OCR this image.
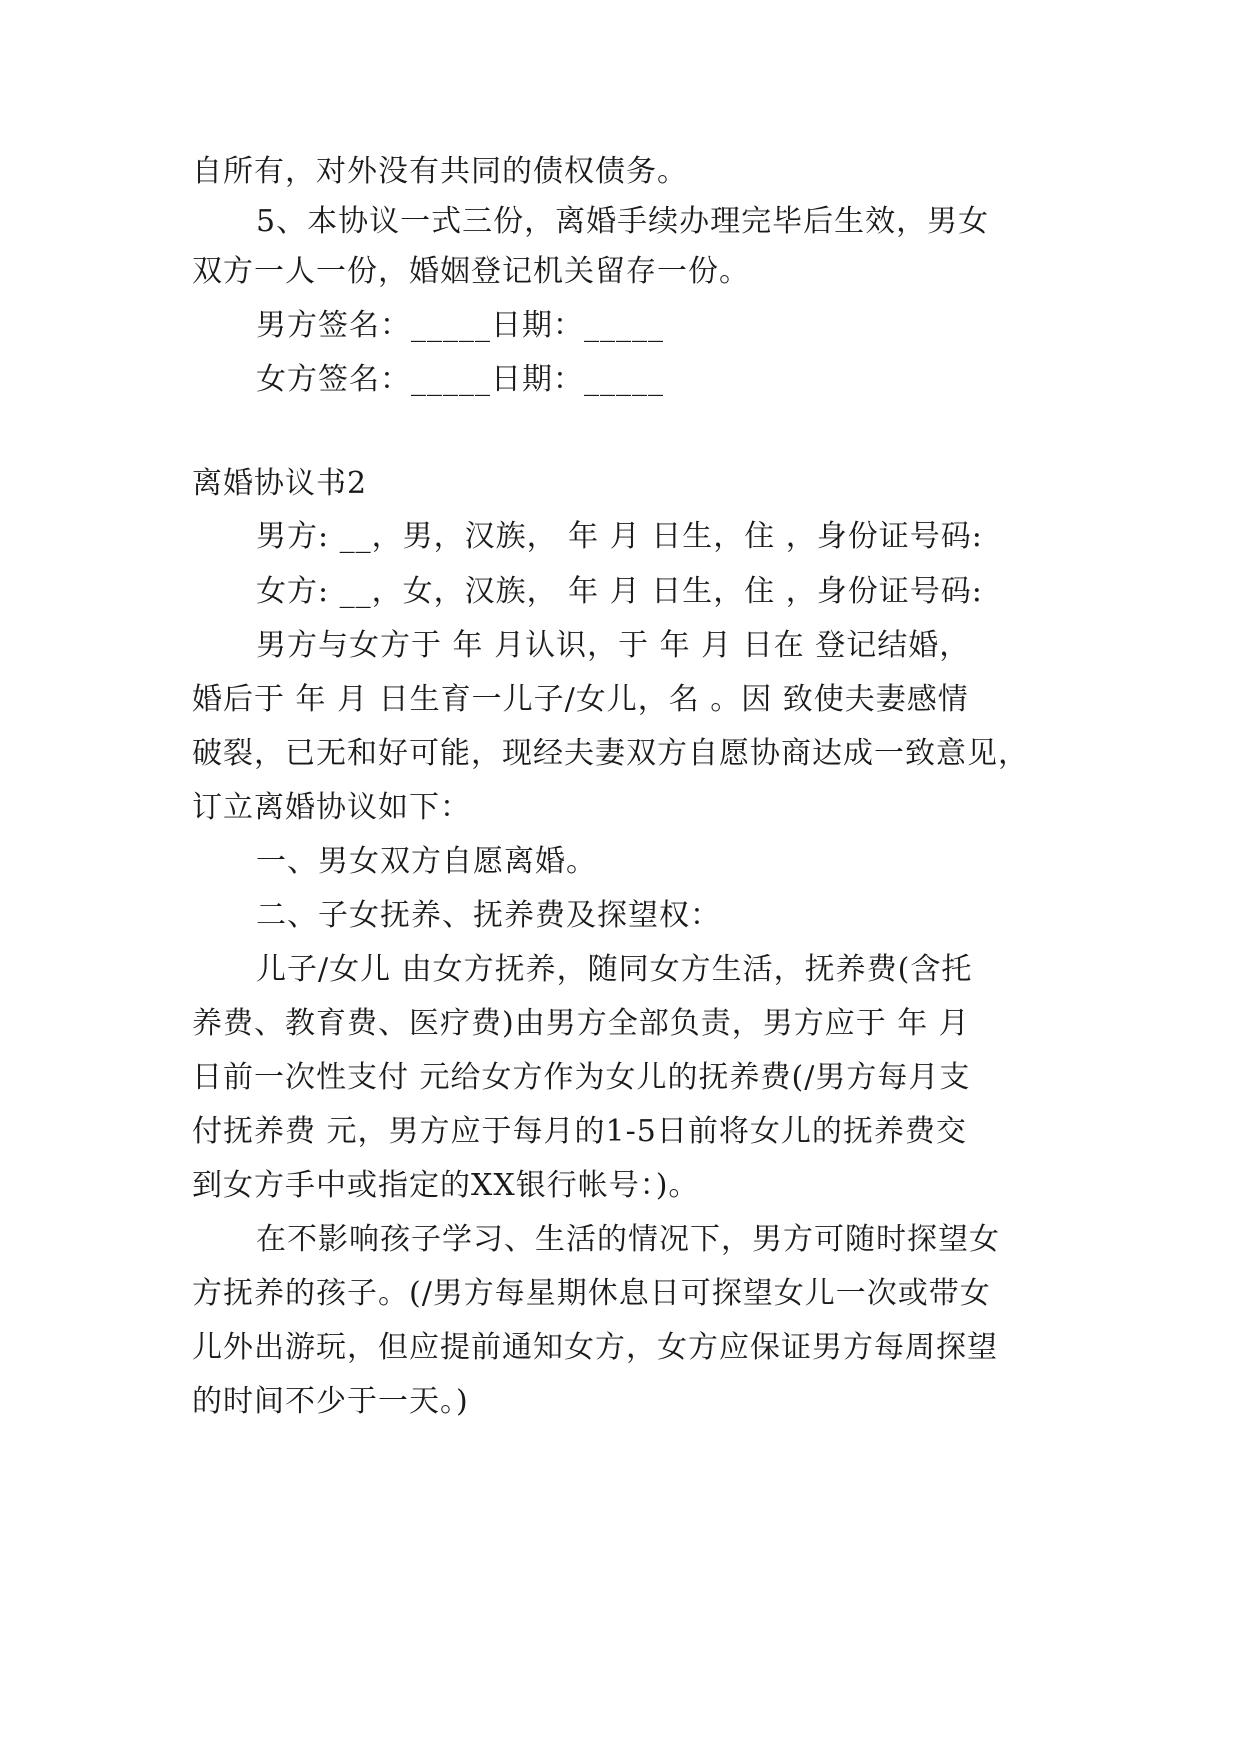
自所有，对外没有共同的债权债务。
5、本协议一式三份，离婚手续办理完毕后生效，男女
双方一人一份，婚姻登记机关留存一份。
男方签名：_____日期：_____
女方签名：_____日期：_____
离婚协议书2
男方: __，男，汉族， 年 月 日生，住 ，身份证号码:
女方: __，女，汉族， 年 月 日生，住 ，身份证号码:
男方与女方于 年 月认识，于 年 月 日在 登记结婚，
婚后于 年 月 日生育一儿子/女儿，名 。因 致使夫妻感情
破裂，已无和好可能，现经夫妻双方自愿协商达成一致意见，
订立离婚协议如下：
一、男女双方自愿离婚。
二、子女抚养、抚养费及探望权：
儿子/女儿 由女方抚养，随同女方生活，抚养费(含托
养费、教育费、医疗费)由男方全部负责，男方应于 年 月
日前一次性支付 元给女方作为女儿的抚养费(/男方每月支
付抚养费 元，男方应于每月的1-5日前将女儿的抚养费交
到女方手中或指定的XX银行帐号：)。
在不影响孩子学习、生活的情况下，男方可随时探望女
方抚养的孩子。(/男方每星期休息日可探望女儿一次或带女
儿外出游玩，但应提前通知女方，女方应保证男方每周探望
的时间不少于一天。)
